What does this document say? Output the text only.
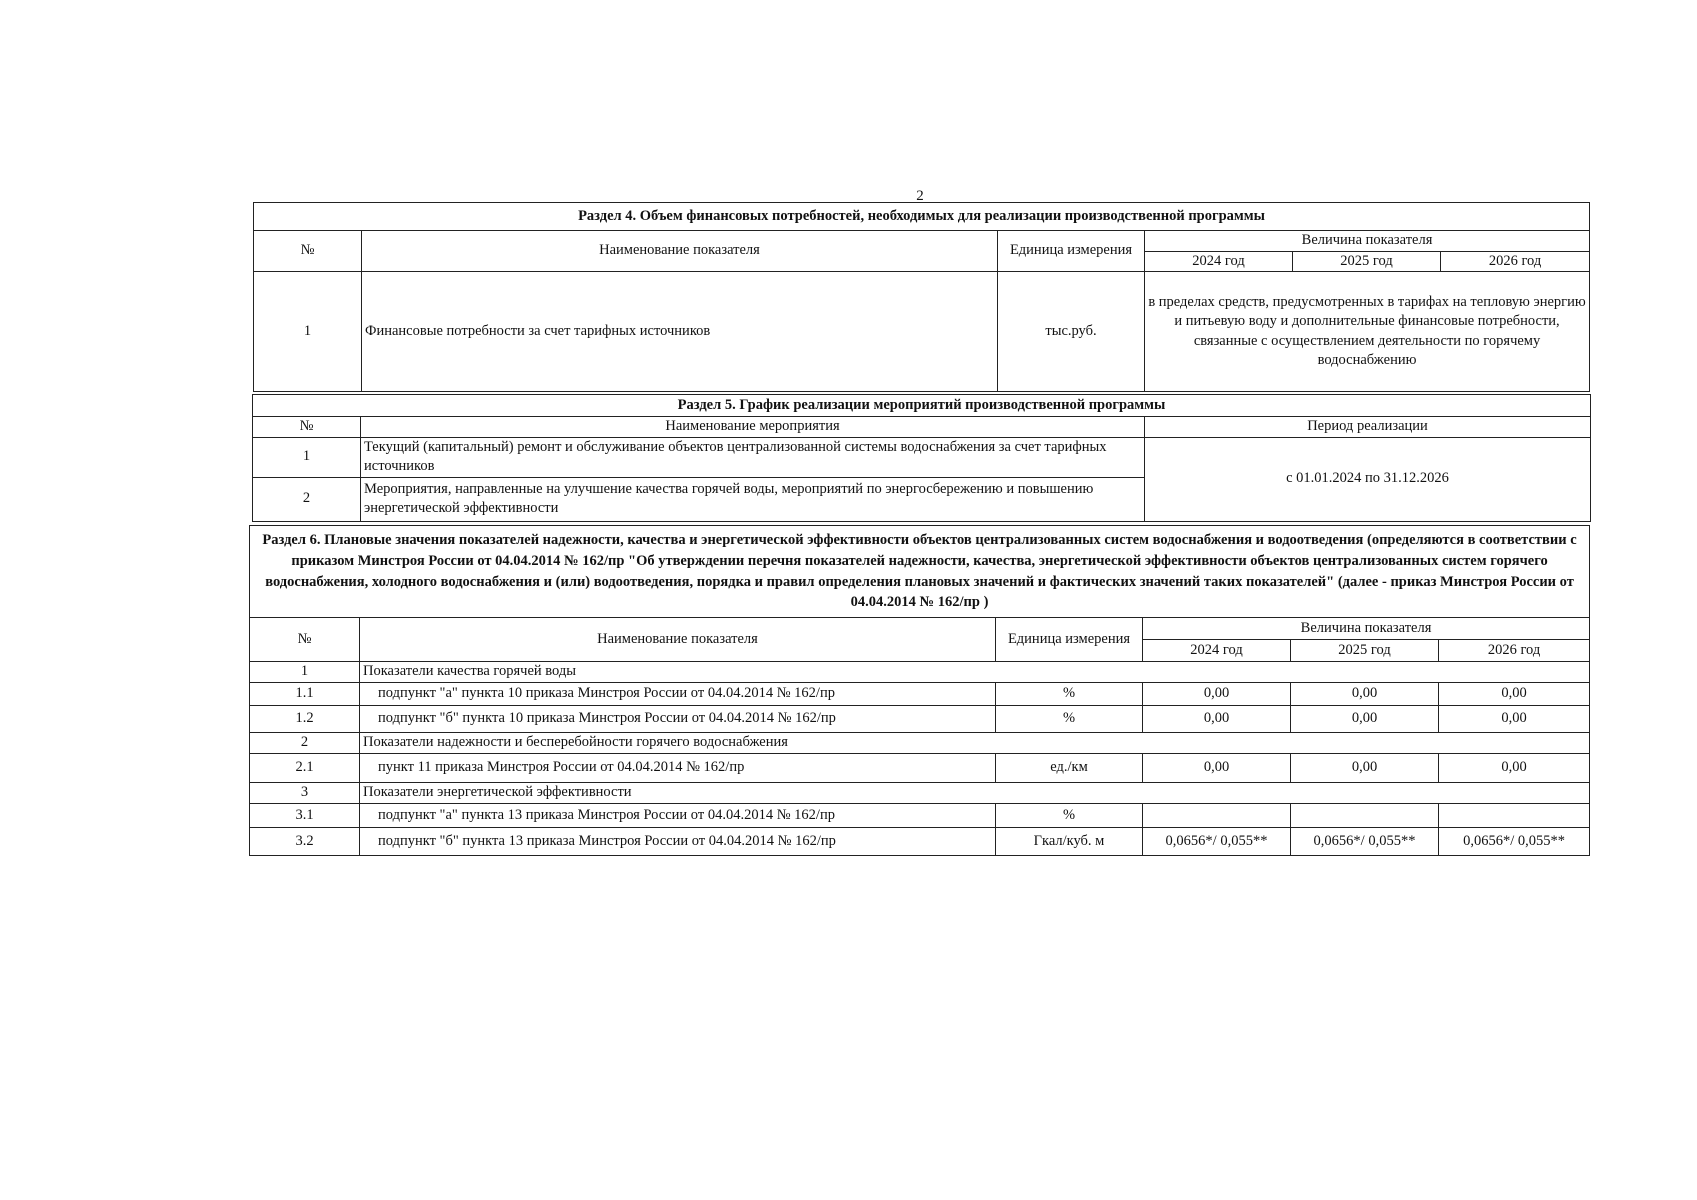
2
Раздел 4. Объем финансовых потребностей, необходимых для реализации производственной программы					
№	Наименование показателя	Единица измерения	Величина показателя		
			2024 год	2025 год	2026 год
1	Финансовые потребности за счет тарифных источников	тыс.руб.	в пределах средств, предусмотренных в тарифах на тепловую энергию и питьевую воду и дополнительные финансовые потребности, связанные с осуществлением деятельности по горячему водоснабжению		
Раздел 5. График реализации мероприятий производственной программы		
№	Наименование мероприятия	Период реализации
1	Текущий (капитальный) ремонт и обслуживание объектов централизованной системы водоснабжения за счет тарифных источников	с 01.01.2024 по 31.12.2026
2	Мероприятия, направленные на улучшение качества горячей воды, мероприятий по энергосбережению и повышению энергетической эффективности	
Раздел 6. Плановые значения показателей надежности, качества и энергетической эффективности объектов централизованных систем водоснабжения и водоотведения (определяются в соответствии с приказом Минстроя России от 04.04.2014 № 162/пр "Об утверждении перечня показателей надежности, качества, энергетической эффективности объектов централизованных систем горячего водоснабжения, холодного водоснабжения и (или) водоотведения, порядка и правил определения плановых значений и фактических значений таких показателей" (далее - приказ Минстроя России от 04.04.2014 № 162/пр )					
№	Наименование показателя	Единица измерения	Величина показателя		
			2024 год	2025 год	2026 год
1	Показатели качества горячей воды				
1.1	подпункт "а" пункта 10 приказа Минстроя России от 04.04.2014 № 162/пр	%	0,00	0,00	0,00
1.2	подпункт "б" пункта 10 приказа Минстроя России от 04.04.2014 № 162/пр	%	0,00	0,00	0,00
2	Показатели надежности и бесперебойности горячего водоснабжения				
2.1	пункт 11 приказа Минстроя России от 04.04.2014 № 162/пр	ед./км	0,00	0,00	0,00
3	Показатели энергетической эффективности				
3.1	подпункт "а" пункта 13 приказа Минстроя России от 04.04.2014 № 162/пр	%			
3.2	подпункт "б" пункта 13 приказа Минстроя России от 04.04.2014 № 162/пр	Гкал/куб. м	0,0656*/ 0,055**	0,0656*/ 0,055**	0,0656*/ 0,055**
